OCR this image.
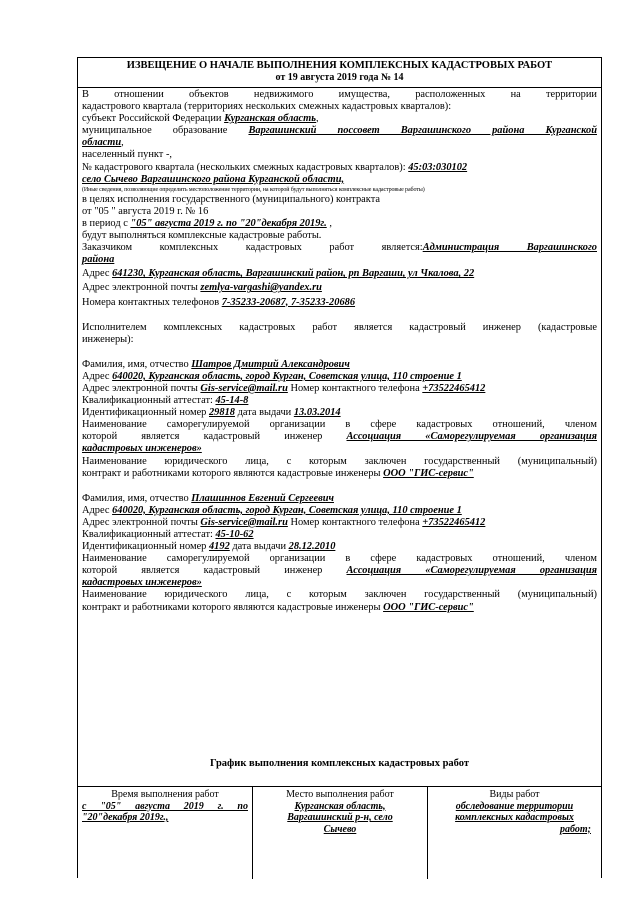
ИЗВЕЩЕНИЕ О НАЧАЛЕ ВЫПОЛНЕНИЯ КОМПЛЕКСНЫХ КАДАСТРОВЫХ РАБОТ
от 19 августа 2019 года № 14

В отношении объектов недвижимого имущества, расположенных на территории

кадастрового квартала (территориях нескольких смежных кадастровых кварталов):

субъект Российской Федерации Курганская область,

муниципальное образование Варгашинский поссовет Варгашинского района Курганской

области,

населенный пункт -,

№ кадастрового квартала (нескольких смежных кадастровых кварталов): 45:03:030102

село Сычево Варгашинского района Курганской области,

(Иные сведения, позволяющие определить местоположение территории, на которой будут выполняться комплексные кадастровые работы)

в целях исполнения государственного (муниципального) контракта

от "05 " августа 2019 г. № 16

в период с "05" августа 2019 г. по "20"декабря 2019г. ,

будут выполняться комплексные кадастровые работы.

Заказчиком комплексных кадастровых работ является:Администрация Варгашинского

района

Адрес 641230, Курганская область, Варгашинский район, рп Варгаши, ул Чкалова, 22

Адрес электронной почты zemlya-vargashi@yandex.ru

Номера контактных телефонов 7-35233-20687, 7-35233-20686

Исполнителем комплексных кадастровых работ является кадастровый инженер (кадастровые

инженеры):

Фамилия, имя, отчество Шатров Дмитрий Александрович

Адрес 640020, Курганская область, город Курган, Советская улица, 110 строение 1

Адрес электронной почты Gis-service@mail.ru Номер контактного телефона +73522465412

Квалификационный аттестат: 45-14-8

Идентификационный номер 29818 дата выдачи 13.03.2014

Наименование саморегулируемой организации в сфере кадастровых отношений, членом

которой является кадастровый инженер Ассоциация «Саморегулируемая организация

кадастровых инженеров»

Наименование юридического лица, с которым заключен государственный (муниципальный)

контракт и работниками которого являются кадастровые инженеры ООО "ГИС-сервис"

Фамилия, имя, отчество Плашиннов Евгений Сергеевич

Адрес 640020, Курганская область, город Курган, Советская улица, 110 строение 1

Адрес электронной почты Gis-service@mail.ru Номер контактного телефона +73522465412

Квалификационный аттестат: 45-10-62

Идентификационный номер 4192 дата выдачи 28.12.2010

Наименование саморегулируемой организации в сфере кадастровых отношений, членом

которой является кадастровый инженер Ассоциация «Саморегулируемая организация

кадастровых инженеров»

Наименование юридического лица, с которым заключен государственный (муниципальный)

контракт и работниками которого являются кадастровые инженеры ООО "ГИС-сервис"

График выполнения комплексных кадастровых работ
Время выполнения работ
с "05" августа 2019 г. по
"20"декабря 2019г.,
Место выполнения работ
Курганская область,
Варгашинский р-н, село
Сычево
Виды работ
обследование территории
комплексных кадастровых
работ;
